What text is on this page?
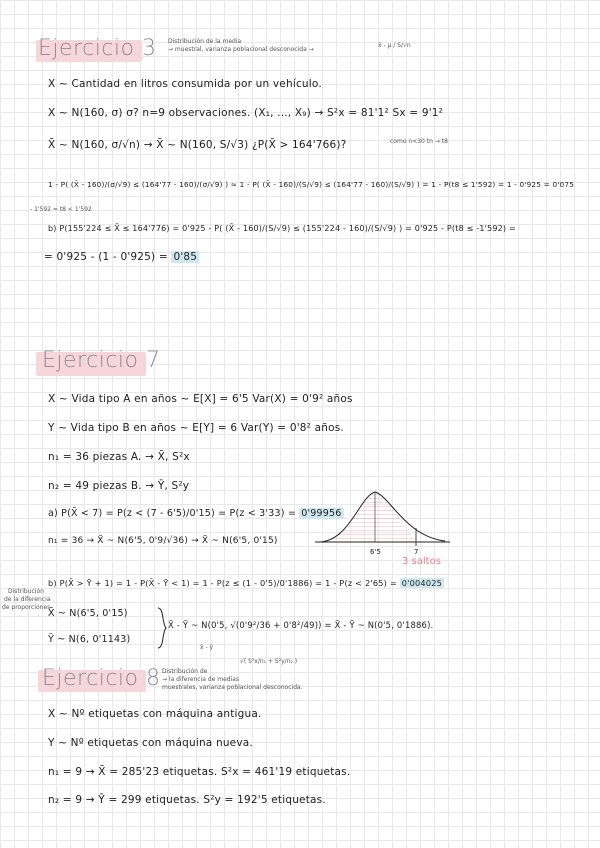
Ejercicio 3 Distribución de la media
→ muestral, varianza poblacional desconocida →
x̄ - μ / S/√n
X ~ Cantidad en litros consumida por un vehículo.
X ~ N(160, σ) σ? n=9 observaciones. (X₁, ..., X₉) → S²x = 81'1² Sx = 9'1²
X̄ ~ N(160, σ/√n) → X̄ ~ N(160, S/√3) ¿P(X̄ > 164'766)?	como n<30 tn → t8
1 - P( (X̄ - 160)/(σ/√9) ≤ (164'77 - 160)/(σ/√9) ) ≈ 1 - P( (X̄ - 160)/(S/√9) ≤ (164'77 - 160)/(S/√9) ) = 1 - P(t8 ≤ 1'592) = 1 - 0'925 = 0'075
- 1'592 = t8 < 1'592
b) P(155'224 ≤ X̄ ≤ 164'776) = 0'925 - P( (X̄ - 160)/(S/√9) ≤ (155'224 - 160)/(S/√9) ) = 0'925 - P(t8 ≤ -1'592) =
= 0'925 - (1 - 0'925) = 0'85
Ejercicio 7
X ~ Vida tipo A en años ~ E[X] = 6'5 Var(X) = 0'9² años
Y ~ Vida tipo B en años ~ E[Y] = 6 Var(Y) = 0'8² años.
n₁ = 36 piezas A. → X̄, S²x
n₂ = 49 piezas B. → Ȳ, S²y
a) P(X̄ < 7) = P(z < (7 - 6'5)/0'15) = P(z < 3'33) = 0'99956
n₁ = 36 → X̄ ~ N(6'5, 0'9/√36) → X̄ ~ N(6'5, 0'15)
6'5	7
3 saltos
b) P(X̄ > Ȳ + 1) = 1 - P(X̄ - Ȳ < 1) = 1 - P(z ≤ (1 - 0'5)/0'1886) = 1 - P(z < 2'65) = 0'004025
Distribución
de la diferencia
de proporciones
X̄ ~ N(6'5, 0'15)
Ȳ ~ N(6, 0'1143)
X̄ - Ȳ ~ N(0'5, √(0'9²/36 + 0'8²/49)) = X̄ - Ȳ ~ N(0'5, 0'1886).
x̄ - ȳ
Ejercicio 8 Distribución de
→ la diferencia de medias
muestrales, varianza poblacional desconocida.
√( S²x/n₁ + S²y/n₂ )
X ~ Nº etiquetas con máquina antigua.
Y ~ Nº etiquetas con máquina nueva.
n₁ = 9 → X̄ = 285'23 etiquetas. S²x = 461'19 etiquetas.
n₂ = 9 → Ȳ = 299 etiquetas. S²y = 192'5 etiquetas.
